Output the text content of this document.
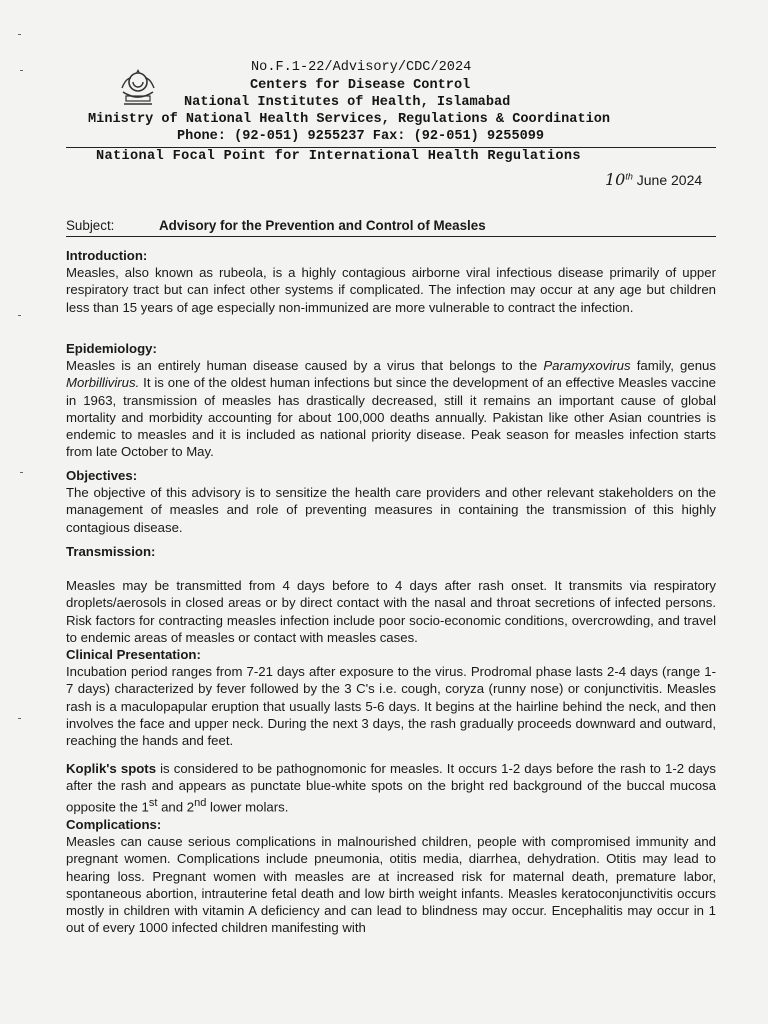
No.F.1-22/Advisory/CDC/2024
Centers for Disease Control
National Institutes of Health, Islamabad
Ministry of National Health Services, Regulations & Coordination
Phone: (92-051) 9255237 Fax: (92-051) 9255099
National Focal Point for International Health Regulations
10th June 2024
Subject:	Advisory for the Prevention and Control of Measles
Introduction:

Measles, also known as rubeola, is a highly contagious airborne viral infectious disease primarily of upper respiratory tract but can infect other systems if complicated. The infection may occur at any age but children less than 15 years of age especially non-immunized are more vulnerable to contract the infection.

Epidemiology:

Measles is an entirely human disease caused by a virus that belongs to the Paramyxovirus family, genus Morbillivirus. It is one of the oldest human infections but since the development of an effective Measles vaccine in 1963, transmission of measles has drastically decreased, still it remains an important cause of global mortality and morbidity accounting for about 100,000 deaths annually. Pakistan like other Asian countries is endemic to measles and it is included as national priority disease. Peak season for measles infection starts from late October to May.

Objectives:

The objective of this advisory is to sensitize the health care providers and other relevant stakeholders on the management of measles and role of preventing measures in containing the transmission of this highly contagious disease.

Transmission:

Measles may be transmitted from 4 days before to 4 days after rash onset. It transmits via respiratory droplets/aerosols in closed areas or by direct contact with the nasal and throat secretions of infected persons. Risk factors for contracting measles infection include poor socio-economic conditions, overcrowding, and travel to endemic areas of measles or contact with measles cases.

Clinical Presentation:

Incubation period ranges from 7-21 days after exposure to the virus. Prodromal phase lasts 2-4 days (range 1-7 days) characterized by fever followed by the 3 C's i.e. cough, coryza (runny nose) or conjunctivitis. Measles rash is a maculopapular eruption that usually lasts 5-6 days. It begins at the hairline behind the neck, and then involves the face and upper neck. During the next 3 days, the rash gradually proceeds downward and outward, reaching the hands and feet.

Koplik's spots is considered to be pathognomonic for measles. It occurs 1-2 days before the rash to 1-2 days after the rash and appears as punctate blue-white spots on the bright red background of the buccal mucosa opposite the 1st and 2nd lower molars.

Complications:

Measles can cause serious complications in malnourished children, people with compromised immunity and pregnant women. Complications include pneumonia, otitis media, diarrhea, dehydration. Otitis may lead to hearing loss. Pregnant women with measles are at increased risk for maternal death, premature labor, spontaneous abortion, intrauterine fetal death and low birth weight infants. Measles keratoconjunctivitis occurs mostly in children with vitamin A deficiency and can lead to blindness may occur. Encephalitis may occur in 1 out of every 1000 infected children manifesting with
